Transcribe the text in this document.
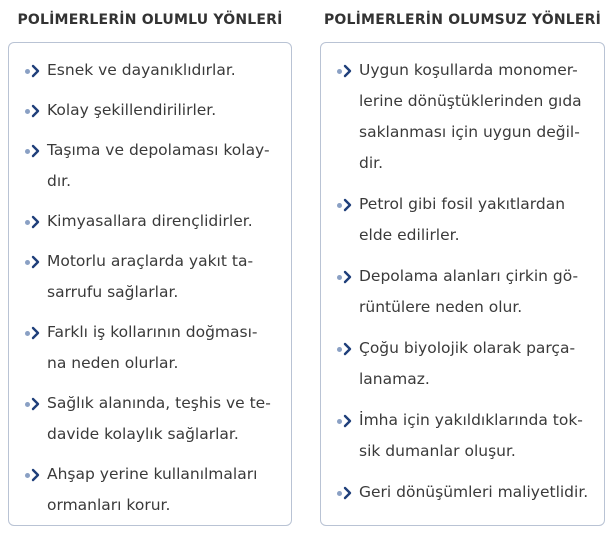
POLİMERLERİN OLUMLU YÖNLERİ
Esnek ve dayanıklıdırlar.
Kolay şekillendirilirler.
Taşıma ve depolaması kolay-
dır.
Kimyasallara dirençlidirler.
Motorlu araçlarda yakıt ta-
sarrufu sağlarlar.
Farklı iş kollarının doğması-
na neden olurlar.
Sağlık alanında, teşhis ve te-
davide kolaylık sağlarlar.
Ahşap yerine kullanılmaları
ormanları korur.
POLİMERLERİN OLUMSUZ YÖNLERİ
Uygun koşullarda monomer-
lerine dönüştüklerinden gıda
saklanması için uygun değil-
dir.
Petrol gibi fosil yakıtlardan
elde edilirler.
Depolama alanları çirkin gö-
rüntülere neden olur.
Çoğu biyolojik olarak parça-
lanamaz.
İmha için yakıldıklarında tok-
sik dumanlar oluşur.
Geri dönüşümleri maliyetlidir.
